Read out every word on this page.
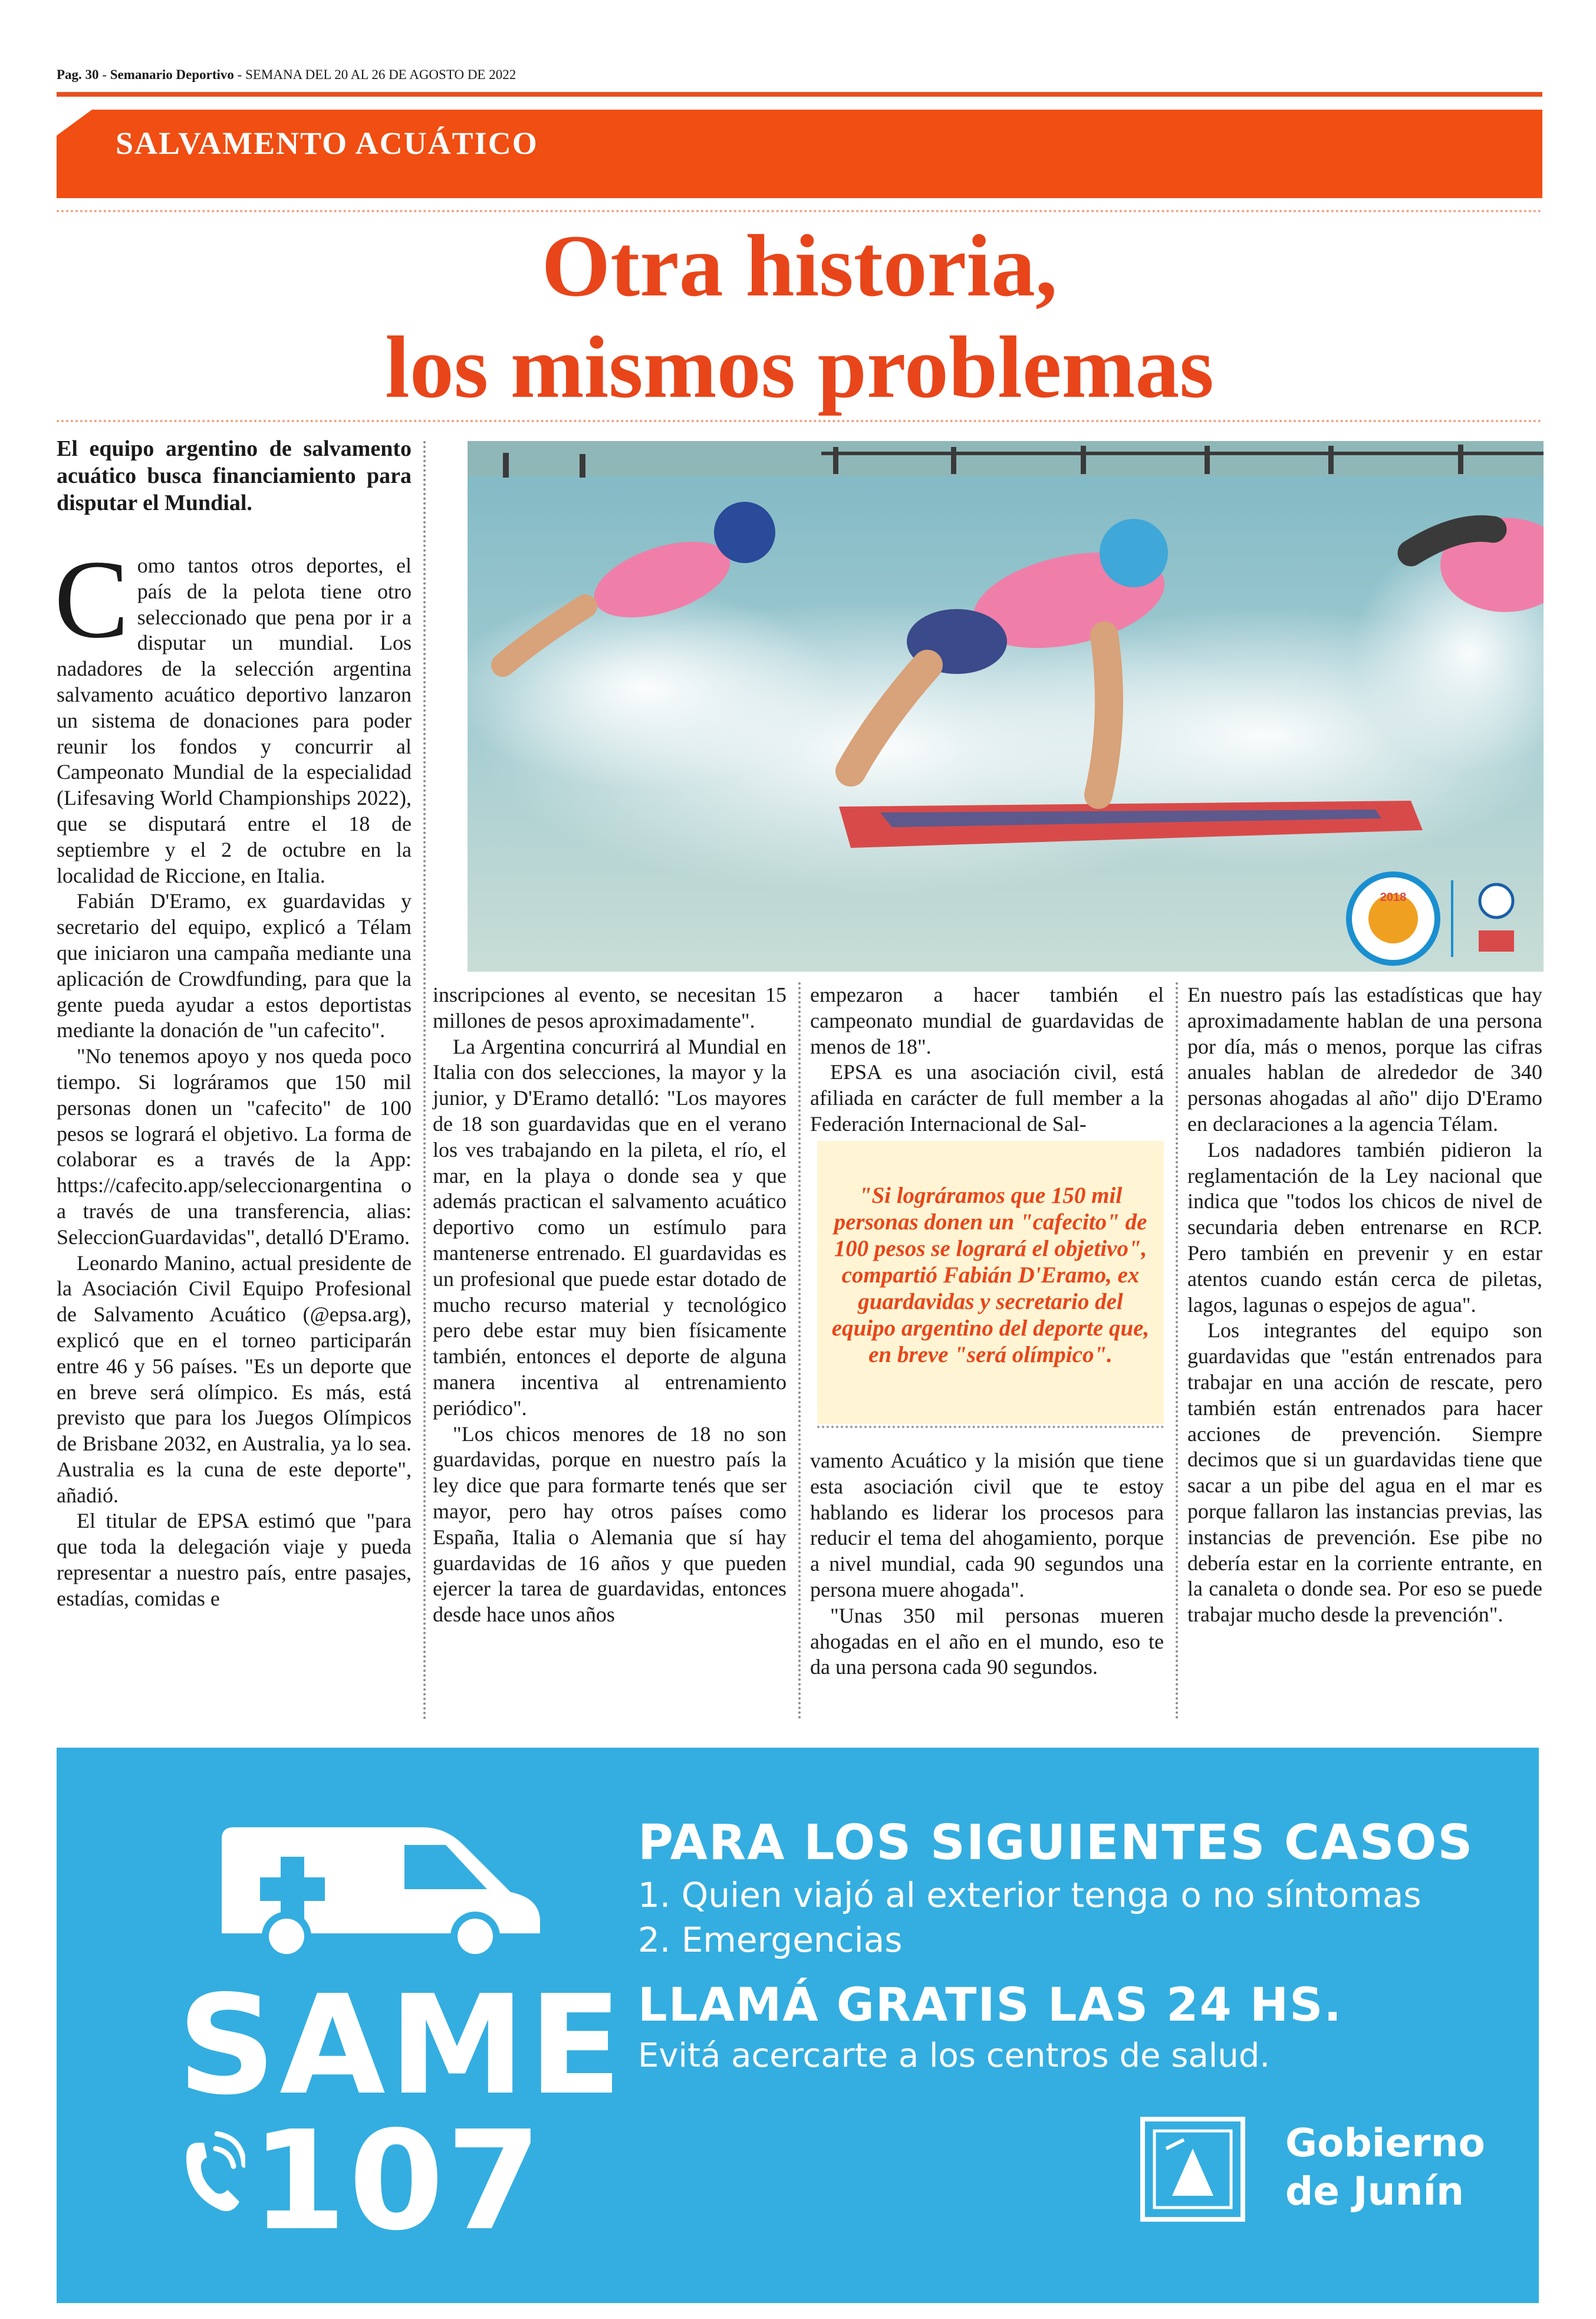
Pag. 30 - Semanario Deportivo - SEMANA DEL 20 AL 26 DE AGOSTO DE 2022
SALVAMENTO ACUÁTICO
Otra historia,
los mismos problemas

El equipo argentino de salvamento acuático busca financiamiento para disputar el Mundial.

Como tantos otros deportes, el país de la pelota tiene otro seleccionado que pena por ir a disputar un mundial. Los nadadores de la selección argentina salvamento acuático deportivo lanzaron un sistema de donaciones para poder reunir los fondos y concurrir al Campeonato Mundial de la especialidad (Lifesaving World Championships 2022), que se disputará entre el 18 de septiembre y el 2 de octubre en la localidad de Riccione, en Italia.

Fabián D'Eramo, ex guardavidas y secretario del equipo, explicó a Télam que iniciaron una campaña mediante una aplicación de Crowdfunding, para que la gente pueda ayudar a estos deportistas mediante la donación de "un cafecito".

"No tenemos apoyo y nos queda poco tiempo. Si lográramos que 150 mil personas donen un "cafecito" de 100 pesos se logrará el objetivo. La forma de colaborar es a través de la App: https://cafecito.app/seleccionargentina o a través de una transferencia, alias: SeleccionGuardavidas", detalló D'Eramo.

Leonardo Manino, actual presidente de la Asociación Civil Equipo Profesional de Salvamento Acuático (@epsa.arg), explicó que en el torneo participarán entre 46 y 56 países. "Es un deporte que en breve será olímpico. Es más, está previsto que para los Juegos Olímpicos de Brisbane 2032, en Australia, ya lo sea. Australia es la cuna de este deporte", añadió.

El titular de EPSA estimó que "para que toda la delegación viaje y pueda representar a nuestro país, entre pasajes, estadías, comidas e

2018

inscripciones al evento, se necesitan 15 millones de pesos aproximadamente".

La Argentina concurrirá al Mundial en Italia con dos selecciones, la mayor y la junior, y D'Eramo detalló: "Los mayores de 18 son guardavidas que en el verano los ves trabajando en la pileta, el río, el mar, en la playa o donde sea y que además practican el salvamento acuático deportivo como un estímulo para mantenerse entrenado. El guardavidas es un profesional que puede estar dotado de mucho recurso material y tecnológico pero debe estar muy bien físicamente también, entonces el deporte de alguna manera incentiva al entrenamiento periódico".

"Los chicos menores de 18 no son guardavidas, porque en nuestro país la ley dice que para formarte tenés que ser mayor, pero hay otros países como España, Italia o Alemania que sí hay guardavidas de 16 años y que pueden ejercer la tarea de guardavidas, entonces desde hace unos años

empezaron a hacer también el campeonato mundial de guardavidas de menos de 18".

EPSA es una asociación civil, está afiliada en carácter de full member a la Federación Internacional de Sal-

"Si lográramos que 150 mil personas donen un "cafecito" de 100 pesos se logrará el objetivo", compartió Fabián D'Eramo, ex guardavidas y secretario del equipo argentino del deporte que, en breve "será olímpico".

vamento Acuático y la misión que tiene esta asociación civil que te estoy hablando es liderar los procesos para reducir el tema del ahogamiento, porque a nivel mundial, cada 90 segundos una persona muere ahogada".

"Unas 350 mil personas mueren ahogadas en el año en el mundo, eso te da una persona cada 90 segundos.

En nuestro país las estadísticas que hay aproximadamente hablan de una persona por día, más o menos, porque las cifras anuales hablan de alrededor de 340 personas ahogadas al año" dijo D'Eramo en declaraciones a la agencia Télam.

Los nadadores también pidieron la reglamentación de la Ley nacional que indica que "todos los chicos de nivel de secundaria deben entrenarse en RCP. Pero también en prevenir y en estar atentos cuando están cerca de piletas, lagos, lagunas o espejos de agua".

Los integrantes del equipo son guardavidas que "están entrenados para trabajar en una acción de rescate, pero también están entrenados para hacer acciones de prevención. Siempre decimos que si un guardavidas tiene que sacar a un pibe del agua en el mar es porque fallaron las instancias previas, las instancias de prevención. Ese pibe no debería estar en la corriente entrante, en la canaleta o donde sea. Por eso se puede trabajar mucho desde la prevención".

PARA LOS SIGUIENTES CASOS
1. Quien viajó al exterior tenga o no síntomas
2. Emergencias
LLAMÁ GRATIS LAS 24 HS.
Evitá acercarte a los centros de salud.
SAME
107	Gobierno
de Junín
